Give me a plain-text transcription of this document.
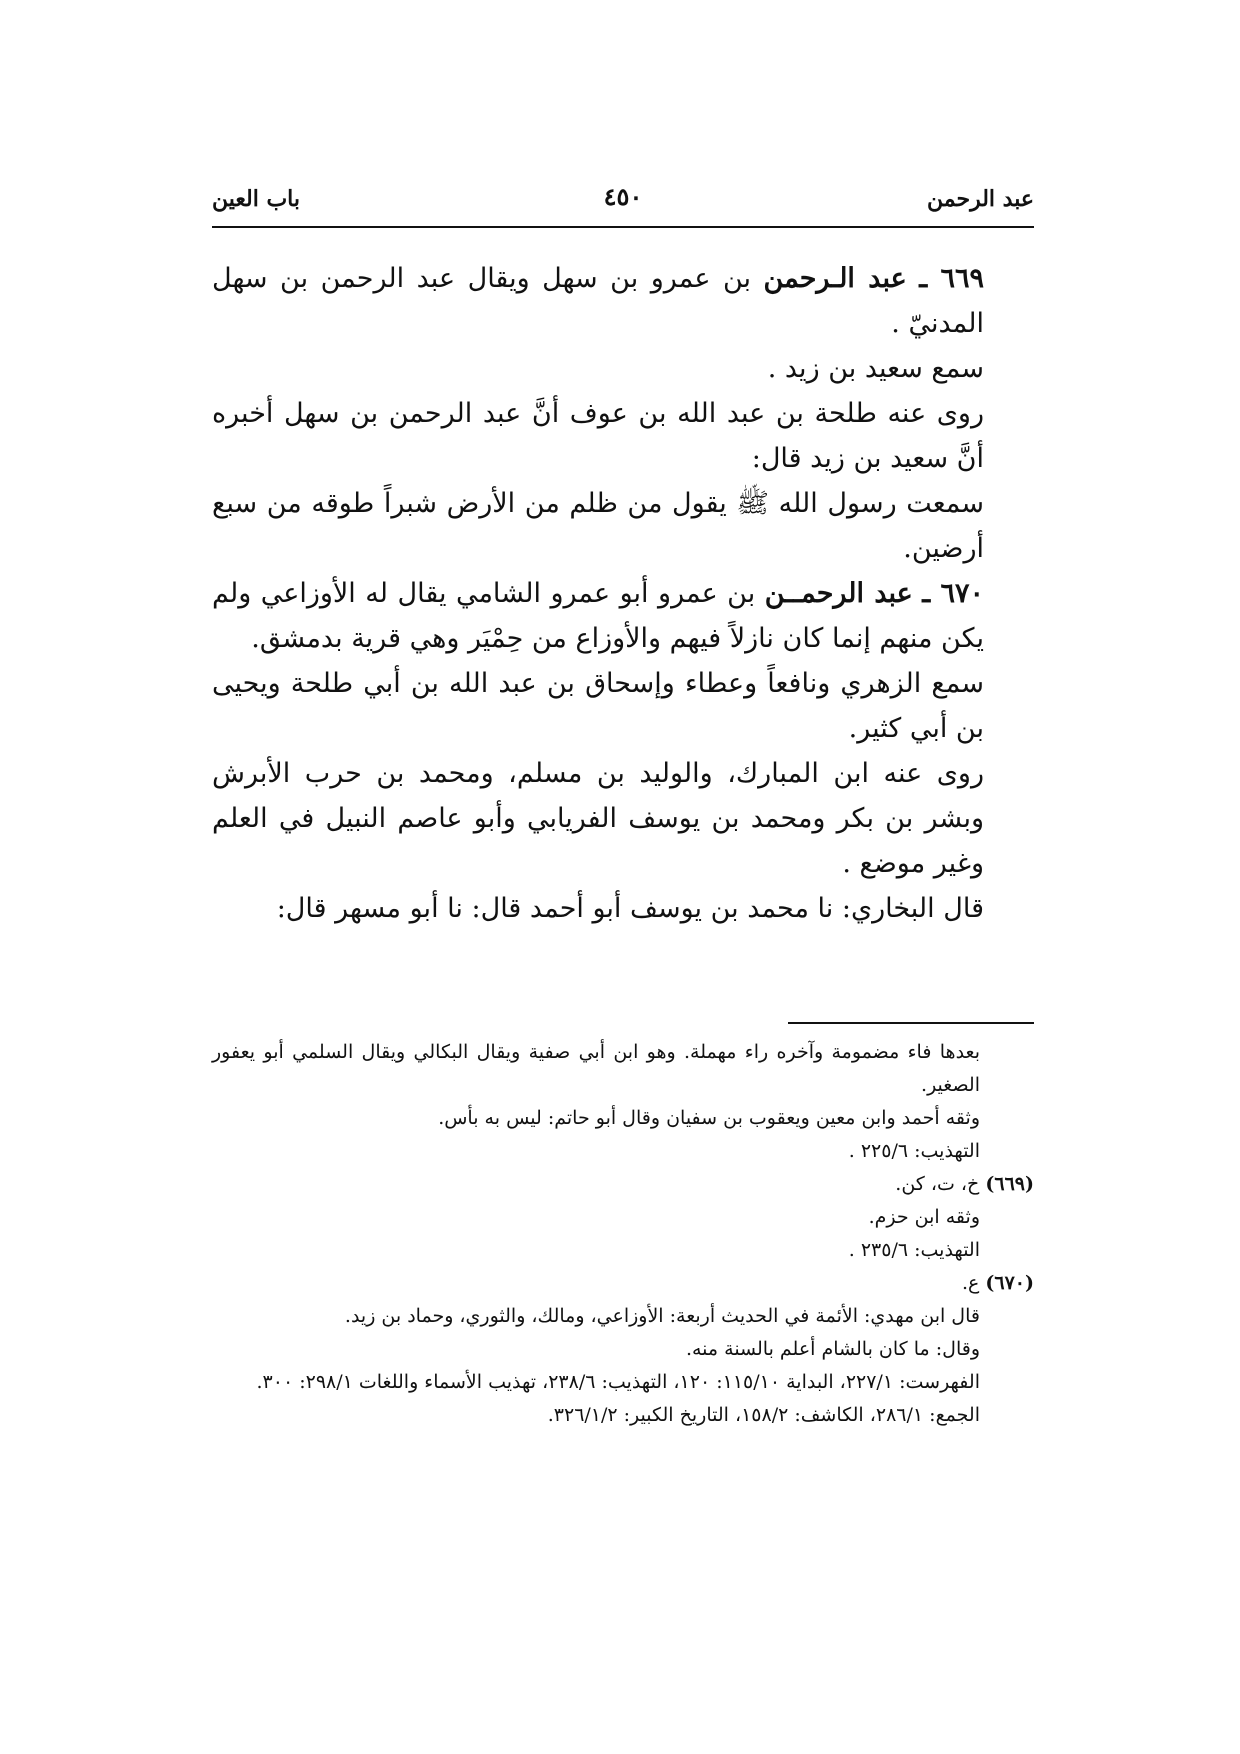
عبد الرحمن
٤٥٠
باب العين

٦٦٩ ـ عبد الـرحمن بن عمرو بن سهل ويقال عبد الرحمن بن سهل المدنيّ .

سمع سعيد بن زيد .

روى عنه طلحة بن عبد الله بن عوف أنَّ عبد الرحمن بن سهل أخبره أنَّ سعيد بن زيد قال:

سمعت رسول الله ﷺ يقول من ظلم من الأرض شبراً طوقه من سبع أرضين.

٦٧٠ ـ عبد الرحمــن بن عمرو أبو عمرو الشامي يقال له الأوزاعي ولم يكن منهم إنما كان نازلاً فيهم والأوزاع من حِمْيَر وهي قرية بدمشق.

سمع الزهري ونافعاً وعطاء وإسحاق بن عبد الله بن أبي طلحة ويحيى بن أبي كثير.

روى عنه ابن المبارك، والوليد بن مسلم، ومحمد بن حرب الأبرش وبشر بن بكر ومحمد بن يوسف الفريابي وأبو عاصم النبيل في العلم وغير موضع .

قال البخاري: نا محمد بن يوسف أبو أحمد قال: نا أبو مسهر قال:

بعدها فاء مضمومة وآخره راء مهملة. وهو ابن أبي صفية ويقال البكالي ويقال السلمي أبو يعفور الصغير.

وثقه أحمد وابن معين ويعقوب بن سفيان وقال أبو حاتم: ليس به بأس.

التهذيب: ٢٢٥/٦ .

(٦٦٩) خ، ت، كن.

وثقه ابن حزم.

التهذيب: ٢٣٥/٦ .

(٦٧٠) ع.

قال ابن مهدي: الأئمة في الحديث أربعة: الأوزاعي، ومالك، والثوري، وحماد بن زيد.

وقال: ما كان بالشام أعلم بالسنة منه.

الفهرست: ٢٢٧/١، البداية ١١٥/١٠: ١٢٠، التهذيب: ٢٣٨/٦، تهذيب الأسماء واللغات ٢٩٨/١: ٣٠٠.

الجمع: ٢٨٦/١، الكاشف: ١٥٨/٢، التاريخ الكبير: ٣٢٦/١/٢.
